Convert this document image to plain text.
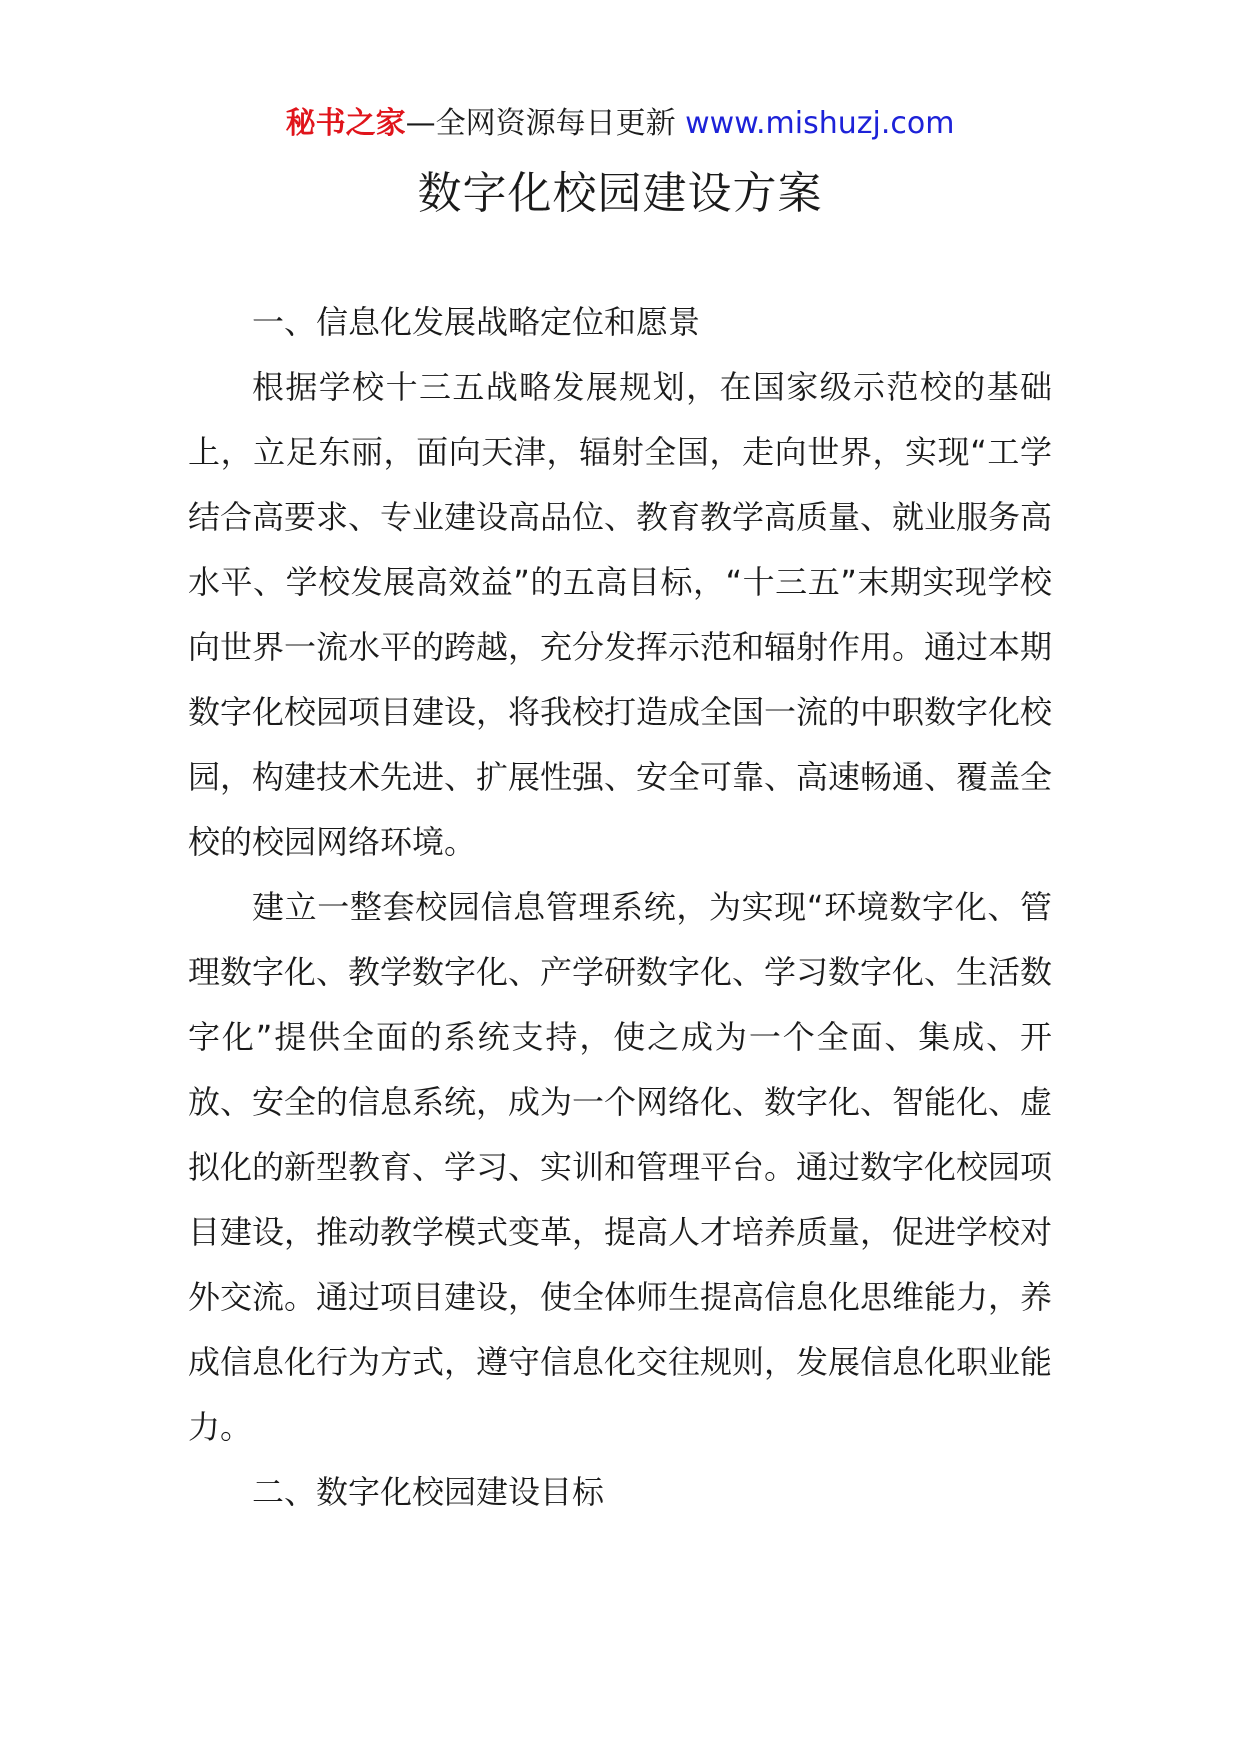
秘书之家—全网资源每日更新 www.mishuzj.com
数字化校园建设方案
一、信息化发展战略定位和愿景

根据学校十三五战略发展规划，在国家级示范校的基础上，立足东丽，面向天津，辐射全国，走向世界，实现“工学结合高要求、专业建设高品位、教育教学高质量、就业服务高水平、学校发展高效益”的五高目标，“十三五”末期实现学校向世界一流水平的跨越，充分发挥示范和辐射作用。通过本期数字化校园项目建设，将我校打造成全国一流的中职数字化校园，构建技术先进、扩展性强、安全可靠、高速畅通、覆盖全校的校园网络环境。

建立一整套校园信息管理系统，为实现“环境数字化、管理数字化、教学数字化、产学研数字化、学习数字化、生活数字化”提供全面的系统支持，使之成为一个全面、集成、开放、安全的信息系统，成为一个网络化、数字化、智能化、虚拟化的新型教育、学习、实训和管理平台。通过数字化校园项目建设，推动教学模式变革，提高人才培养质量，促进学校对外交流。通过项目建设，使全体师生提高信息化思维能力，养成信息化行为方式，遵守信息化交往规则，发展信息化职业能力。

二、数字化校园建设目标
